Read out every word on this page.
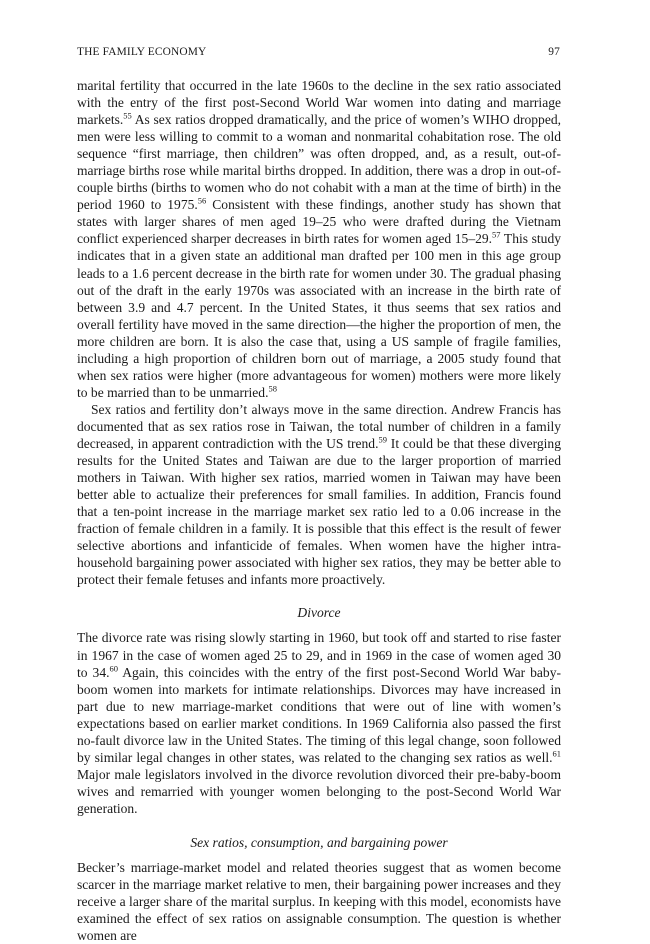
THE FAMILY ECONOMY	97

marital fertility that occurred in the late 1960s to the decline in the sex ratio associated with the entry of the first post-Second World War women into dating and marriage markets.$^{55}$ As sex ratios dropped dramatically, and the price of women’s WIHO dropped, men were less willing to commit to a woman and nonmarital cohabitation rose. The old sequence “first marriage, then children” was often dropped, and, as a result, out-of-marriage births rose while marital births dropped. In addition, there was a drop in out-of-couple births (births to women who do not cohabit with a man at the time of birth) in the period 1960 to 1975.56 Consistent with these findings, another study has shown that states with larger shares of men aged 19–25 who were drafted during the Vietnam conflict experienced sharper decreases in birth rates for women aged 15–29.57 This study indicates that in a given state an additional man drafted per 100 men in this age group leads to a 1.6 percent decrease in the birth rate for women under 30. The gradual phasing out of the draft in the early 1970s was associated with an increase in the birth rate of between 3.9 and 4.7 percent. In the United States, it thus seems that sex ratios and overall fertility have moved in the same direction—the higher the proportion of men, the more children are born. It is also the case that, using a US sample of fragile families, including a high proportion of children born out of marriage, a 2005 study found that when sex ratios were higher (more advantageous for women) mothers were more likely to be married than to be unmarried.$^{58}$

Sex ratios and fertility don’t always move in the same direction. Andrew Francis has documented that as sex ratios rose in Taiwan, the total number of children in a family decreased, in apparent contradiction with the US trend.$^{59}$ It could be that these diverging results for the United States and Taiwan are due to the larger proportion of married mothers in Taiwan. With higher sex ratios, married women in Taiwan may have been better able to actualize their preferences for small families. In addition, Francis found that a ten-point increase in the marriage market sex ratio led to a 0.06 increase in the fraction of female children in a family. It is possible that this effect is the result of fewer selective abortions and infanticide of females. When women have the higher intra-household bargaining power associated with higher sex ratios, they may be better able to protect their female fetuses and infants more proactively.

Divorce

The divorce rate was rising slowly starting in 1960, but took off and started to rise faster in 1967 in the case of women aged 25 to 29, and in 1969 in the case of women aged 30 to 34.60 Again, this coincides with the entry of the first post-Second World War baby-boom women into markets for intimate relationships. Divorces may have increased in part due to new marriage-market conditions that were out of line with women’s expectations based on earlier market conditions. In 1969 California also passed the first no-fault divorce law in the United States. The timing of this legal change, soon followed by similar legal changes in other states, was related to the changing sex ratios as well.$^{61}$ Major male legislators involved in the divorce revolution divorced their pre-baby-boom wives and remarried with younger women belonging to the post-Second World War generation.

Sex ratios, consumption, and bargaining power

Becker’s marriage-market model and related theories suggest that as women become scarcer in the marriage market relative to men, their bargaining power increases and they receive a larger share of the marital surplus. In keeping with this model, economists have examined the effect of sex ratios on assignable consumption. The question is whether women are
